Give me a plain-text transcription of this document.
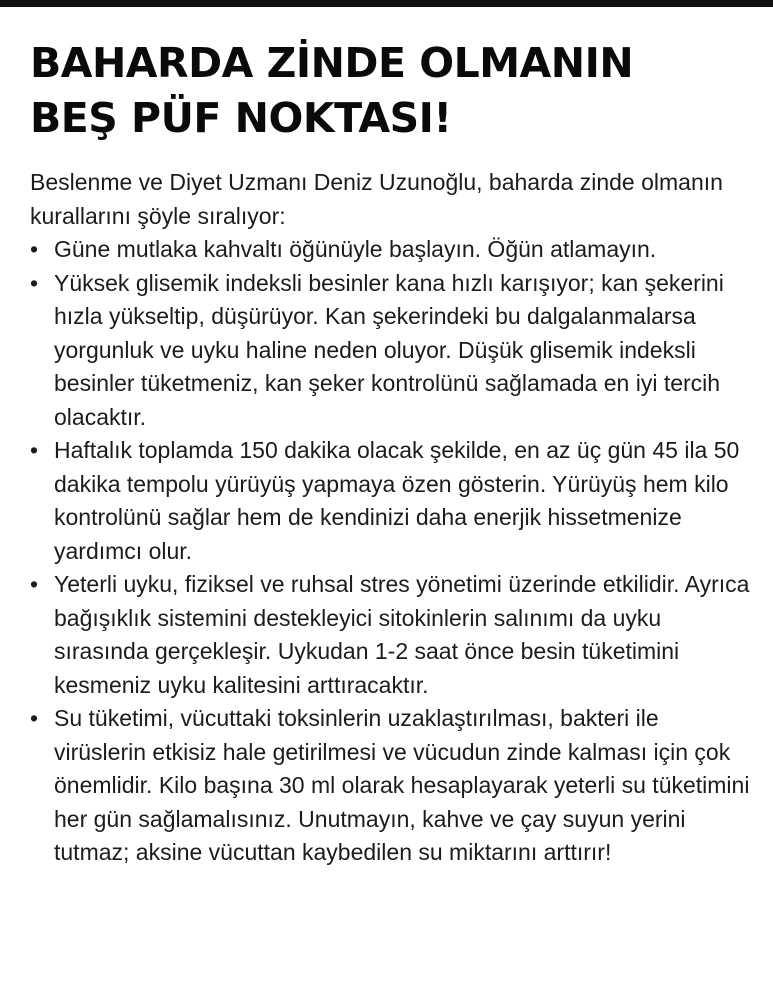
BAHARDA ZİNDE OLMANIN
BEŞ PÜF NOKTASI!

Beslenme ve Diyet Uzmanı Deniz Uzunoğlu, baharda zinde olmanın kurallarını şöyle sıralıyor:

• Güne mutlaka kahvaltı öğünüyle başlayın. Öğün atlamayın.
• Yüksek glisemik indeksli besinler kana hızlı karışıyor; kan şekerini hızla yükseltip, düşürüyor. Kan şekerindeki bu dalgalanmalarsa yorgunluk ve uyku haline neden oluyor. Düşük glisemik indeksli besinler tüketmeniz, kan şeker kontrolünü sağlamada en iyi tercih olacaktır.
• Haftalık toplamda 150 dakika olacak şekilde, en az üç gün 45 ila 50 dakika tempolu yürüyüş yapmaya özen gösterin. Yürüyüş hem kilo kontrolünü sağlar hem de kendinizi daha enerjik hissetmenize yardımcı olur.
• Yeterli uyku, fiziksel ve ruhsal stres yönetimi üzerinde etkilidir. Ayrıca bağışıklık sistemini destekleyici sitokinlerin salınımı da uyku sırasında gerçekleşir. Uykudan 1-2 saat önce besin tüketimini kesmeniz uyku kalitesini arttıracaktır.
• Su tüketimi, vücuttaki toksinlerin uzaklaştırılması, bakteri ile virüslerin etkisiz hale getirilmesi ve vücudun zinde kalması için çok önemlidir. Kilo başına 30 ml olarak hesaplayarak yeterli su tüketimini her gün sağlamalısınız. Unutmayın, kahve ve çay suyun yerini tutmaz; aksine vücuttan kaybedilen su miktarını arttırır!
